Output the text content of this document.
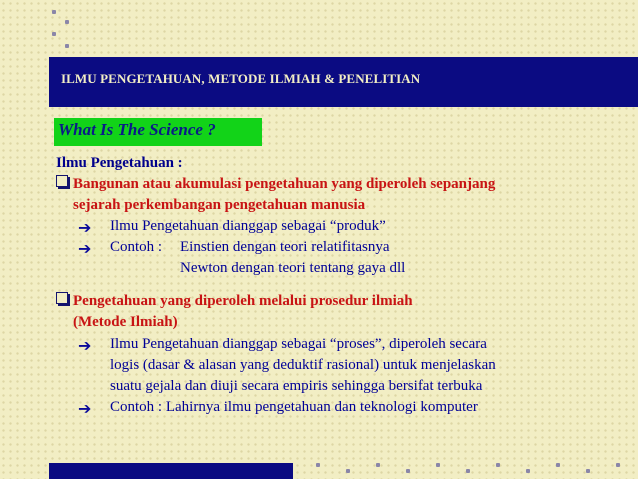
ILMU PENGETAHUAN, METODE ILMIAH & PENELITIAN
What Is The Science ?
Ilmu Pengetahuan :
Bangunan atau akumulasi pengetahuan yang diperoleh sepanjang
sejarah perkembangan pengetahuan manusia
➔ Ilmu Pengetahuan dianggap sebagai “produk”
➔ Contoh : Einstien dengan teori relatifitasnya
Newton dengan teori tentang gaya dll
Pengetahuan yang diperoleh melalui prosedur ilmiah
(Metode Ilmiah)
➔ Ilmu Pengetahuan dianggap sebagai “proses”, diperoleh secara
logis (dasar & alasan yang deduktif rasional) untuk menjelaskan
suatu gejala dan diuji secara empiris sehingga bersifat terbuka
➔ Contoh : Lahirnya ilmu pengetahuan dan teknologi komputer
